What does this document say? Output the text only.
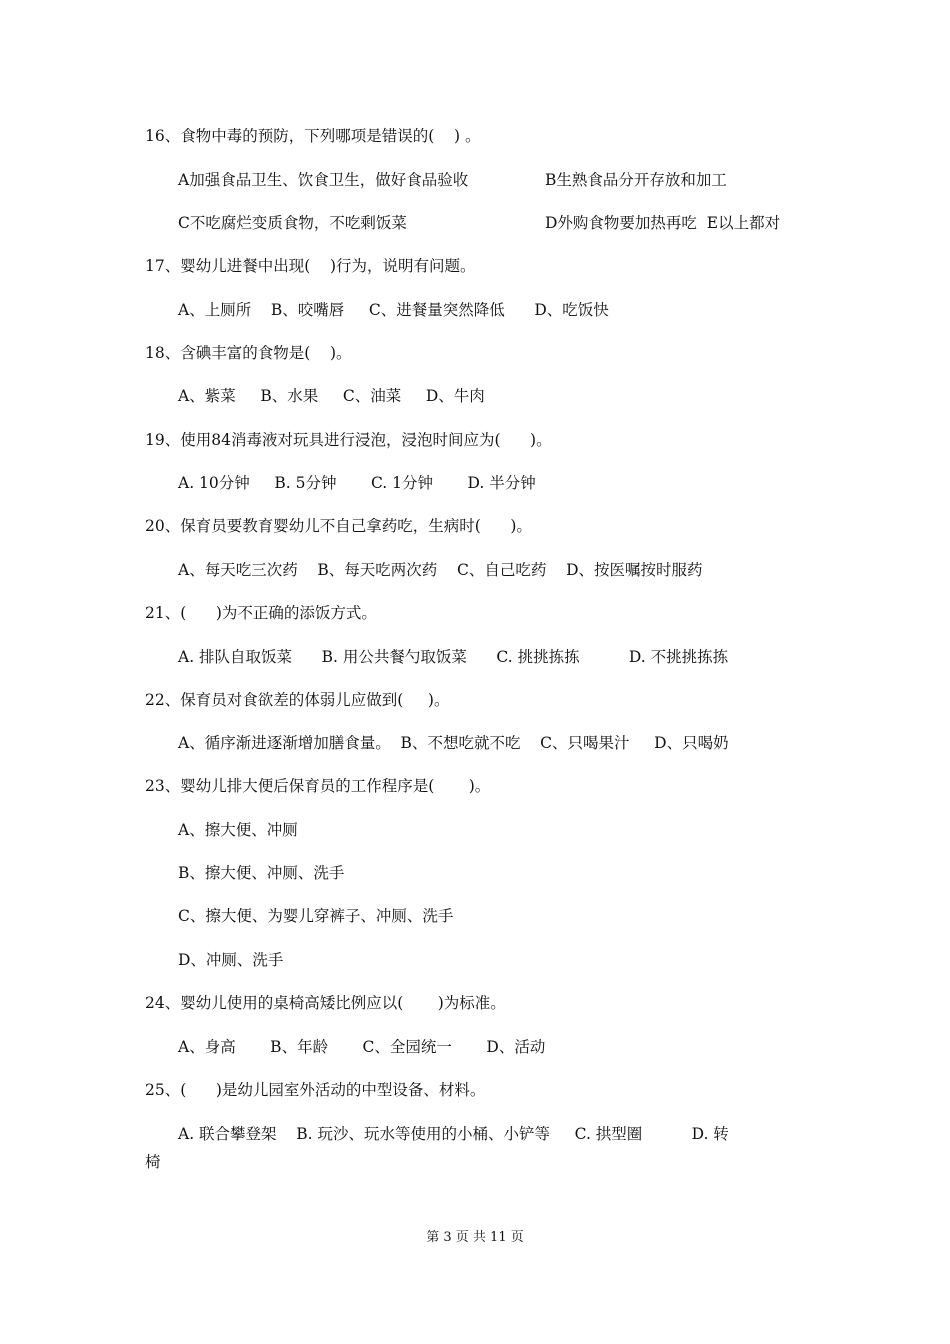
16、食物中毒的预防，下列哪项是错误的(    ) 。
A加强食品卫生、饮食卫生，做好食品验收	B生熟食品分开存放和加工
C不吃腐烂变质食物，不吃剩饭菜	D外购食物要加热再吃  E以上都对
17、婴幼儿进餐中出现(    )行为，说明有问题。
A、上厕所    B、咬嘴唇     C、进餐量突然降低      D、吃饭快
18、含碘丰富的食物是(    )。
A、紫菜     B、水果     C、油菜     D、牛肉
19、使用84消毒液对玩具进行浸泡，浸泡时间应为(      )。
A. 10分钟     B. 5分钟       C. 1分钟       D. 半分钟
20、保育员要教育婴幼儿不自己拿药吃，生病时(      )。
A、每天吃三次药    B、每天吃两次药    C、自己吃药    D、按医嘱按时服药
21、(      )为不正确的添饭方式。
A. 排队自取饭菜      B. 用公共餐勺取饭菜      C. 挑挑拣拣          D. 不挑挑拣拣
22、保育员对食欲差的体弱儿应做到(     )。
A、循序渐进逐渐增加膳食量。  B、不想吃就不吃    C、只喝果汁     D、只喝奶
23、婴幼儿排大便后保育员的工作程序是(       )。
A、擦大便、冲厕
B、擦大便、冲厕、洗手
C、擦大便、为婴儿穿裤子、冲厕、洗手
D、冲厕、洗手
24、婴幼儿使用的桌椅高矮比例应以(       )为标准。
A、身高       B、年龄       C、全园统一       D、活动
25、(      )是幼儿园室外活动的中型设备、材料。
A. 联合攀登架    B. 玩沙、玩水等使用的小桶、小铲等     C. 拱型圈          D. 转
椅
第 3 页 共 11 页
